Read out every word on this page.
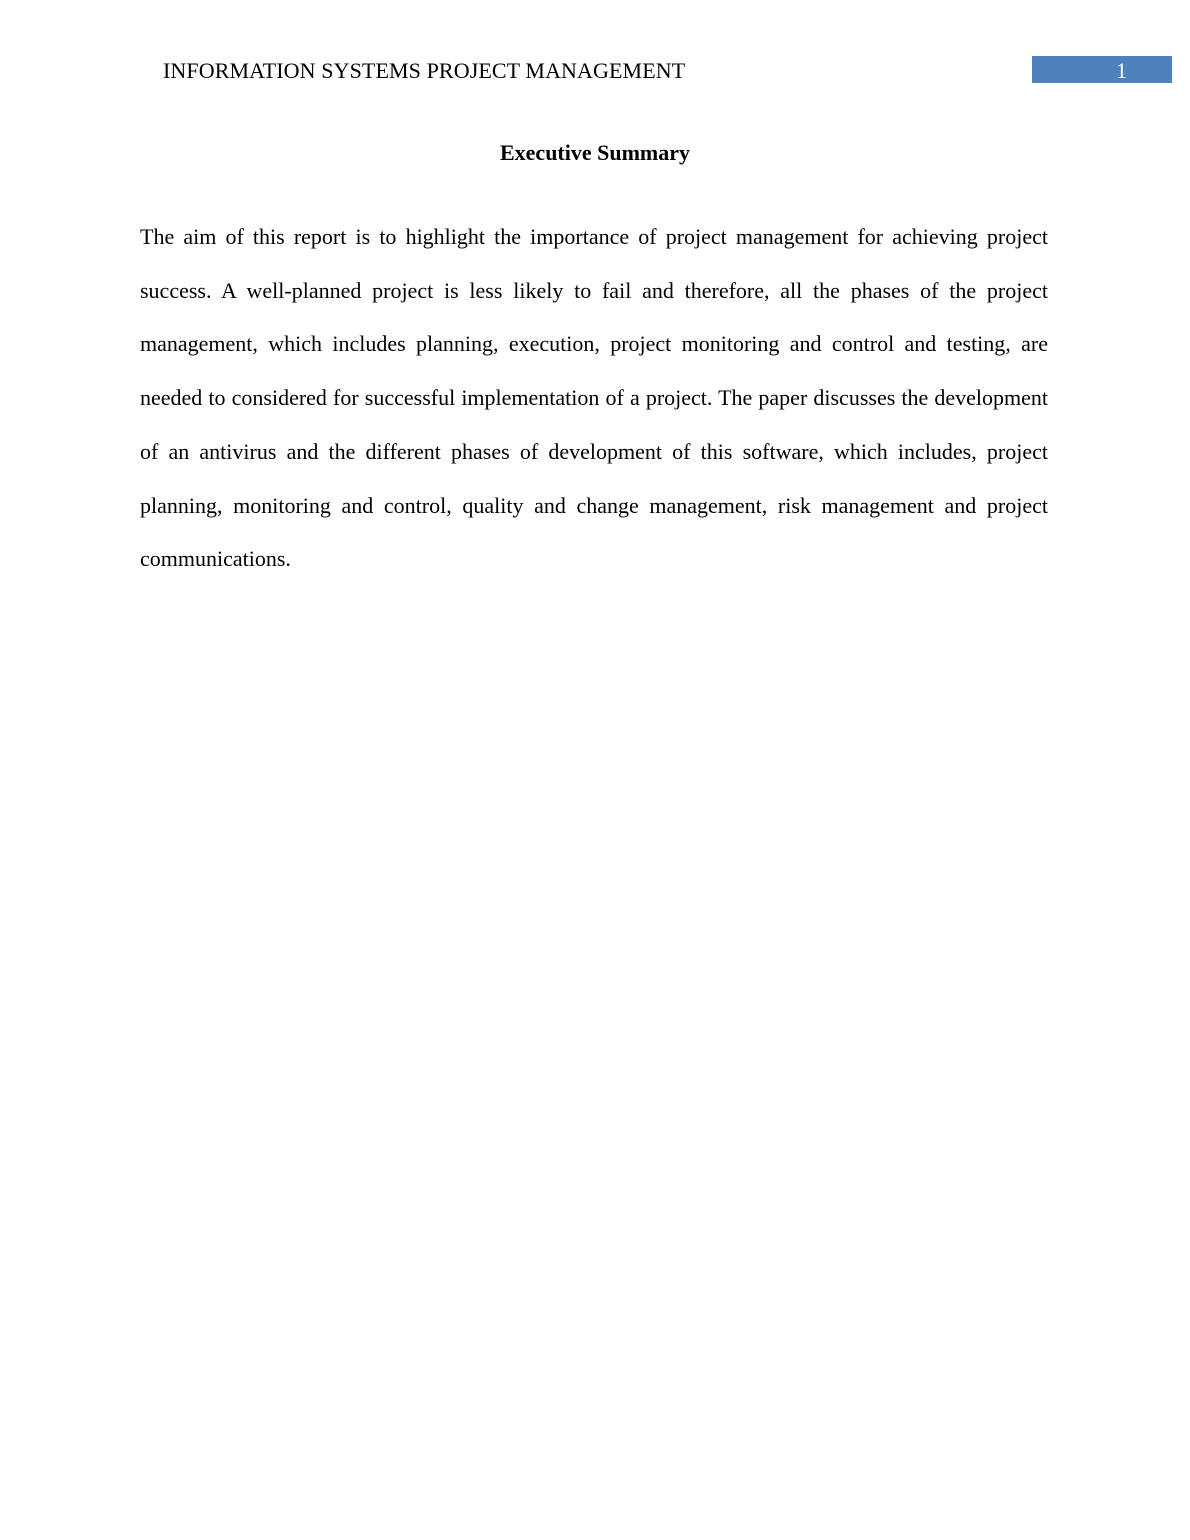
INFORMATION SYSTEMS PROJECT MANAGEMENT	1
Executive Summary

The aim of this report is to highlight the importance of project management for achieving project success. A well-planned project is less likely to fail and therefore, all the phases of the project management, which includes planning, execution, project monitoring and control and testing, are needed to considered for successful implementation of a project. The paper discusses the development of an antivirus and the different phases of development of this software, which includes, project planning, monitoring and control, quality and change management, risk management and project communications.
